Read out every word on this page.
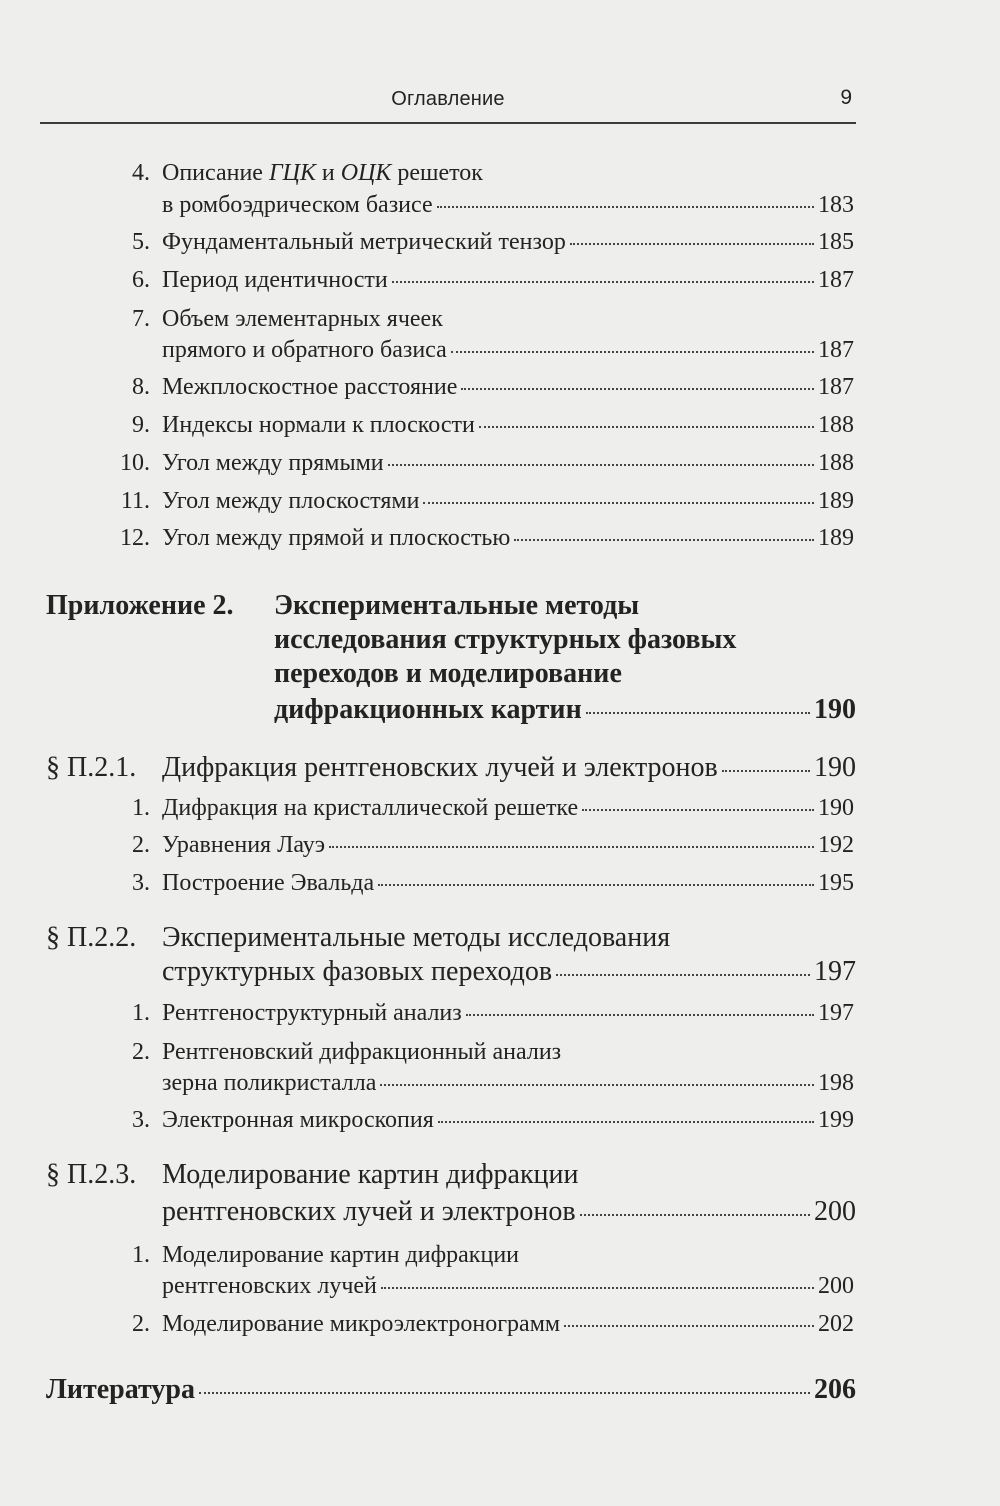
Оглавление	9
4. Описание ГЦК и ОЦК решеток
в ромбоэдрическом базисе	183
5. Фундаментальный метрический тензор	185
6. Период идентичности	187
7. Объем элементарных ячеек
прямого и обратного базиса	187
8. Межплоскостное расстояние	187
9. Индексы нормали к плоскости	188
10. Угол между прямыми	188
11. Угол между плоскостями	189
12. Угол между прямой и плоскостью	189
Приложение 2. Экспериментальные методы
исследования структурных фазовых
переходов и моделирование
дифракционных картин	190
§ П.2.1. Дифракция рентгеновских лучей и электронов	190
1. Дифракция на кристаллической решетке	190
2. Уравнения Лауэ	192
3. Построение Эвальда	195
§ П.2.2. Экспериментальные методы исследования
структурных фазовых переходов	197
1. Рентгеноструктурный анализ	197
2. Рентгеновский дифракционный анализ
зерна поликристалла	198
3. Электронная микроскопия	199
§ П.2.3. Моделирование картин дифракции
рентгеновских лучей и электронов	200
1. Моделирование картин дифракции
рентгеновских лучей	200
2. Моделирование микроэлектронограмм	202
Литература	206
